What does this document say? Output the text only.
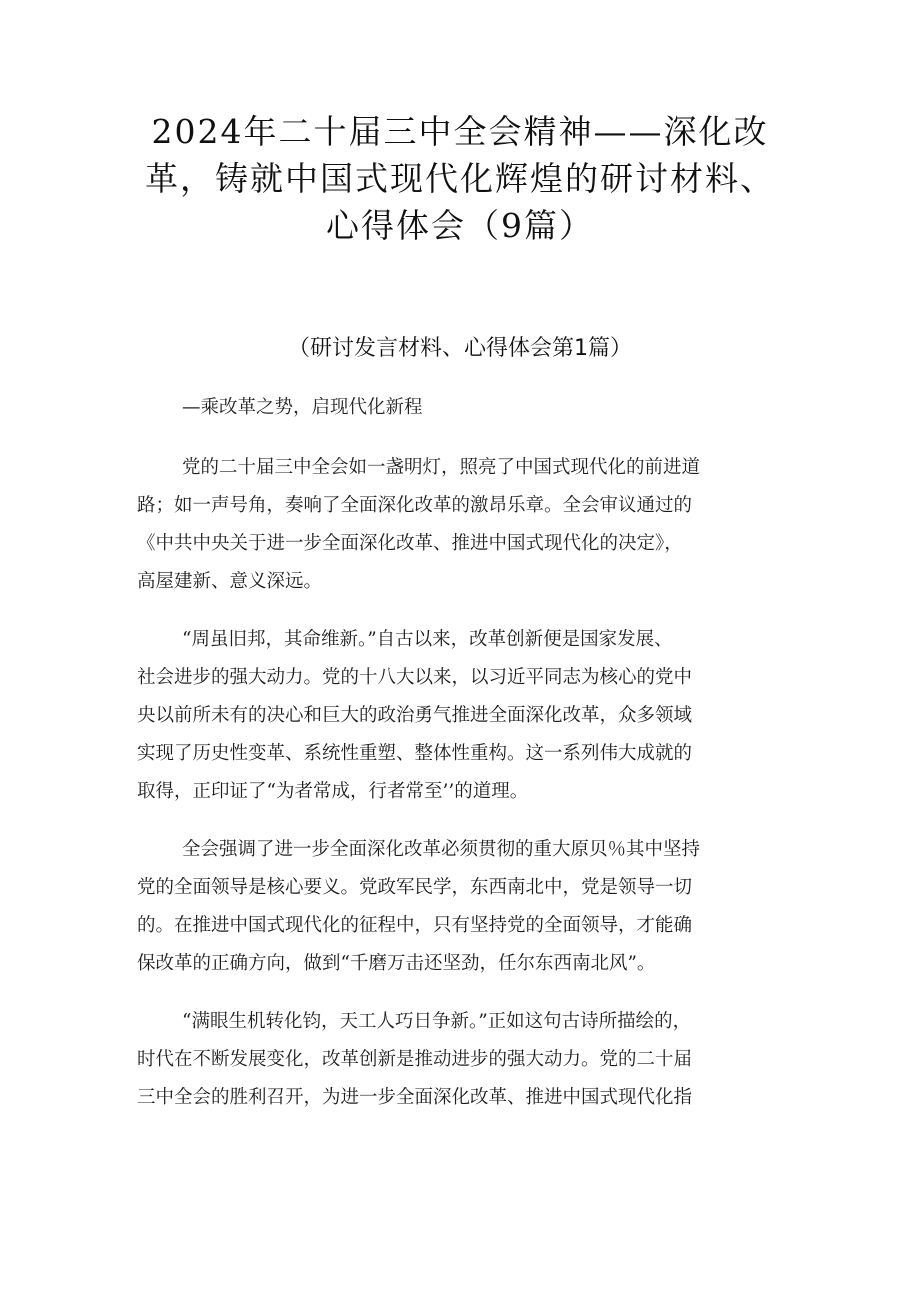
2024年二十届三中全会精神——深化改
革，铸就中国式现代化辉煌的研讨材料、
心得体会（9篇）
（研讨发言材料、心得体会第1篇）
—乘改革之势，启现代化新程

党的二十届三中全会如一盏明灯，照亮了中国式现代化的前进道
路；如一声号角，奏响了全面深化改革的激昂乐章。全会审议通过的
《中共中央关于进一步全面深化改革、推进中国式现代化的决定》，
高屋建新、意义深远。

“周虽旧邦，其命维新。”自古以来，改革创新便是国家发展、
社会进步的强大动力。党的十八大以来，以习近平同志为核心的党中
央以前所未有的决心和巨大的政治勇气推进全面深化改革，众多领域
实现了历史性变革、系统性重塑、整体性重构。这一系列伟大成就的
取得，正印证了“为者常成，行者常至’’的道理。

全会强调了进一步全面深化改革必须贯彻的重大原贝％其中坚持
党的全面领导是核心要义。党政军民学，东西南北中，党是领导一切
的。在推进中国式现代化的征程中，只有坚持党的全面领导，才能确
保改革的正确方向，做到“千磨万击还坚劲，任尔东西南北风”。

“满眼生机转化钧，天工人巧日争新。”正如这句古诗所描绘的，
时代在不断发展变化，改革创新是推动进步的强大动力。党的二十届
三中全会的胜利召开，为进一步全面深化改革、推进中国式现代化指
